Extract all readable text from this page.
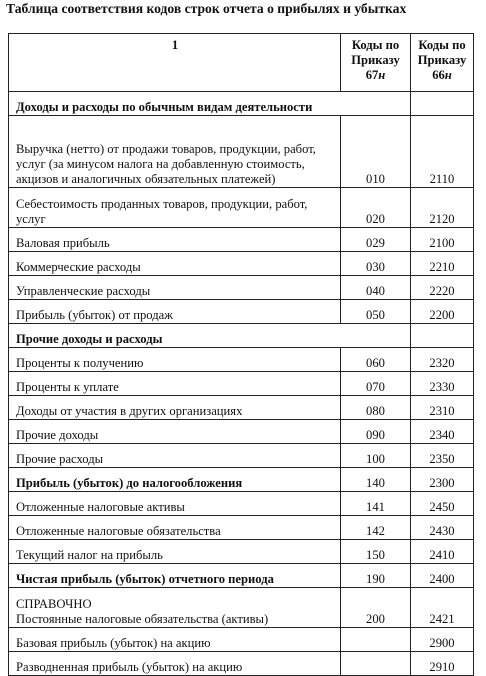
Таблица соответствия кодов строк отчета о прибылях и убытках
1	Коды по
Приказу
67н	Коды по
Приказу
66н
Доходы и расходы по обычным видам деятельности		
Выручка (нетто) от продажи товаров, продукции, работ, услуг (за минусом налога на добавленную стоимость, акцизов и аналогичных обязательных платежей)	010	2110
Себестоимость проданных товаров, продукции, работ, услуг	020	2120
Валовая прибыль	029	2100
Коммерческие расходы	030	2210
Управленческие расходы	040	2220
Прибыль (убыток) от продаж	050	2200
Прочие доходы и расходы		
Проценты к получению	060	2320
Проценты к уплате	070	2330
Доходы от участия в других организациях	080	2310
Прочие доходы	090	2340
Прочие расходы	100	2350
Прибыль (убыток) до налогообложения	140	2300
Отложенные налоговые активы	141	2450
Отложенные налоговые обязательства	142	2430
Текущий налог на прибыль	150	2410
Чистая прибыль (убыток) отчетного периода	190	2400
СПРАВОЧНО
Постоянные налоговые обязательства (активы)	200	2421
Базовая прибыль (убыток) на акцию		2900
Разводненная прибыль (убыток) на акцию		2910
